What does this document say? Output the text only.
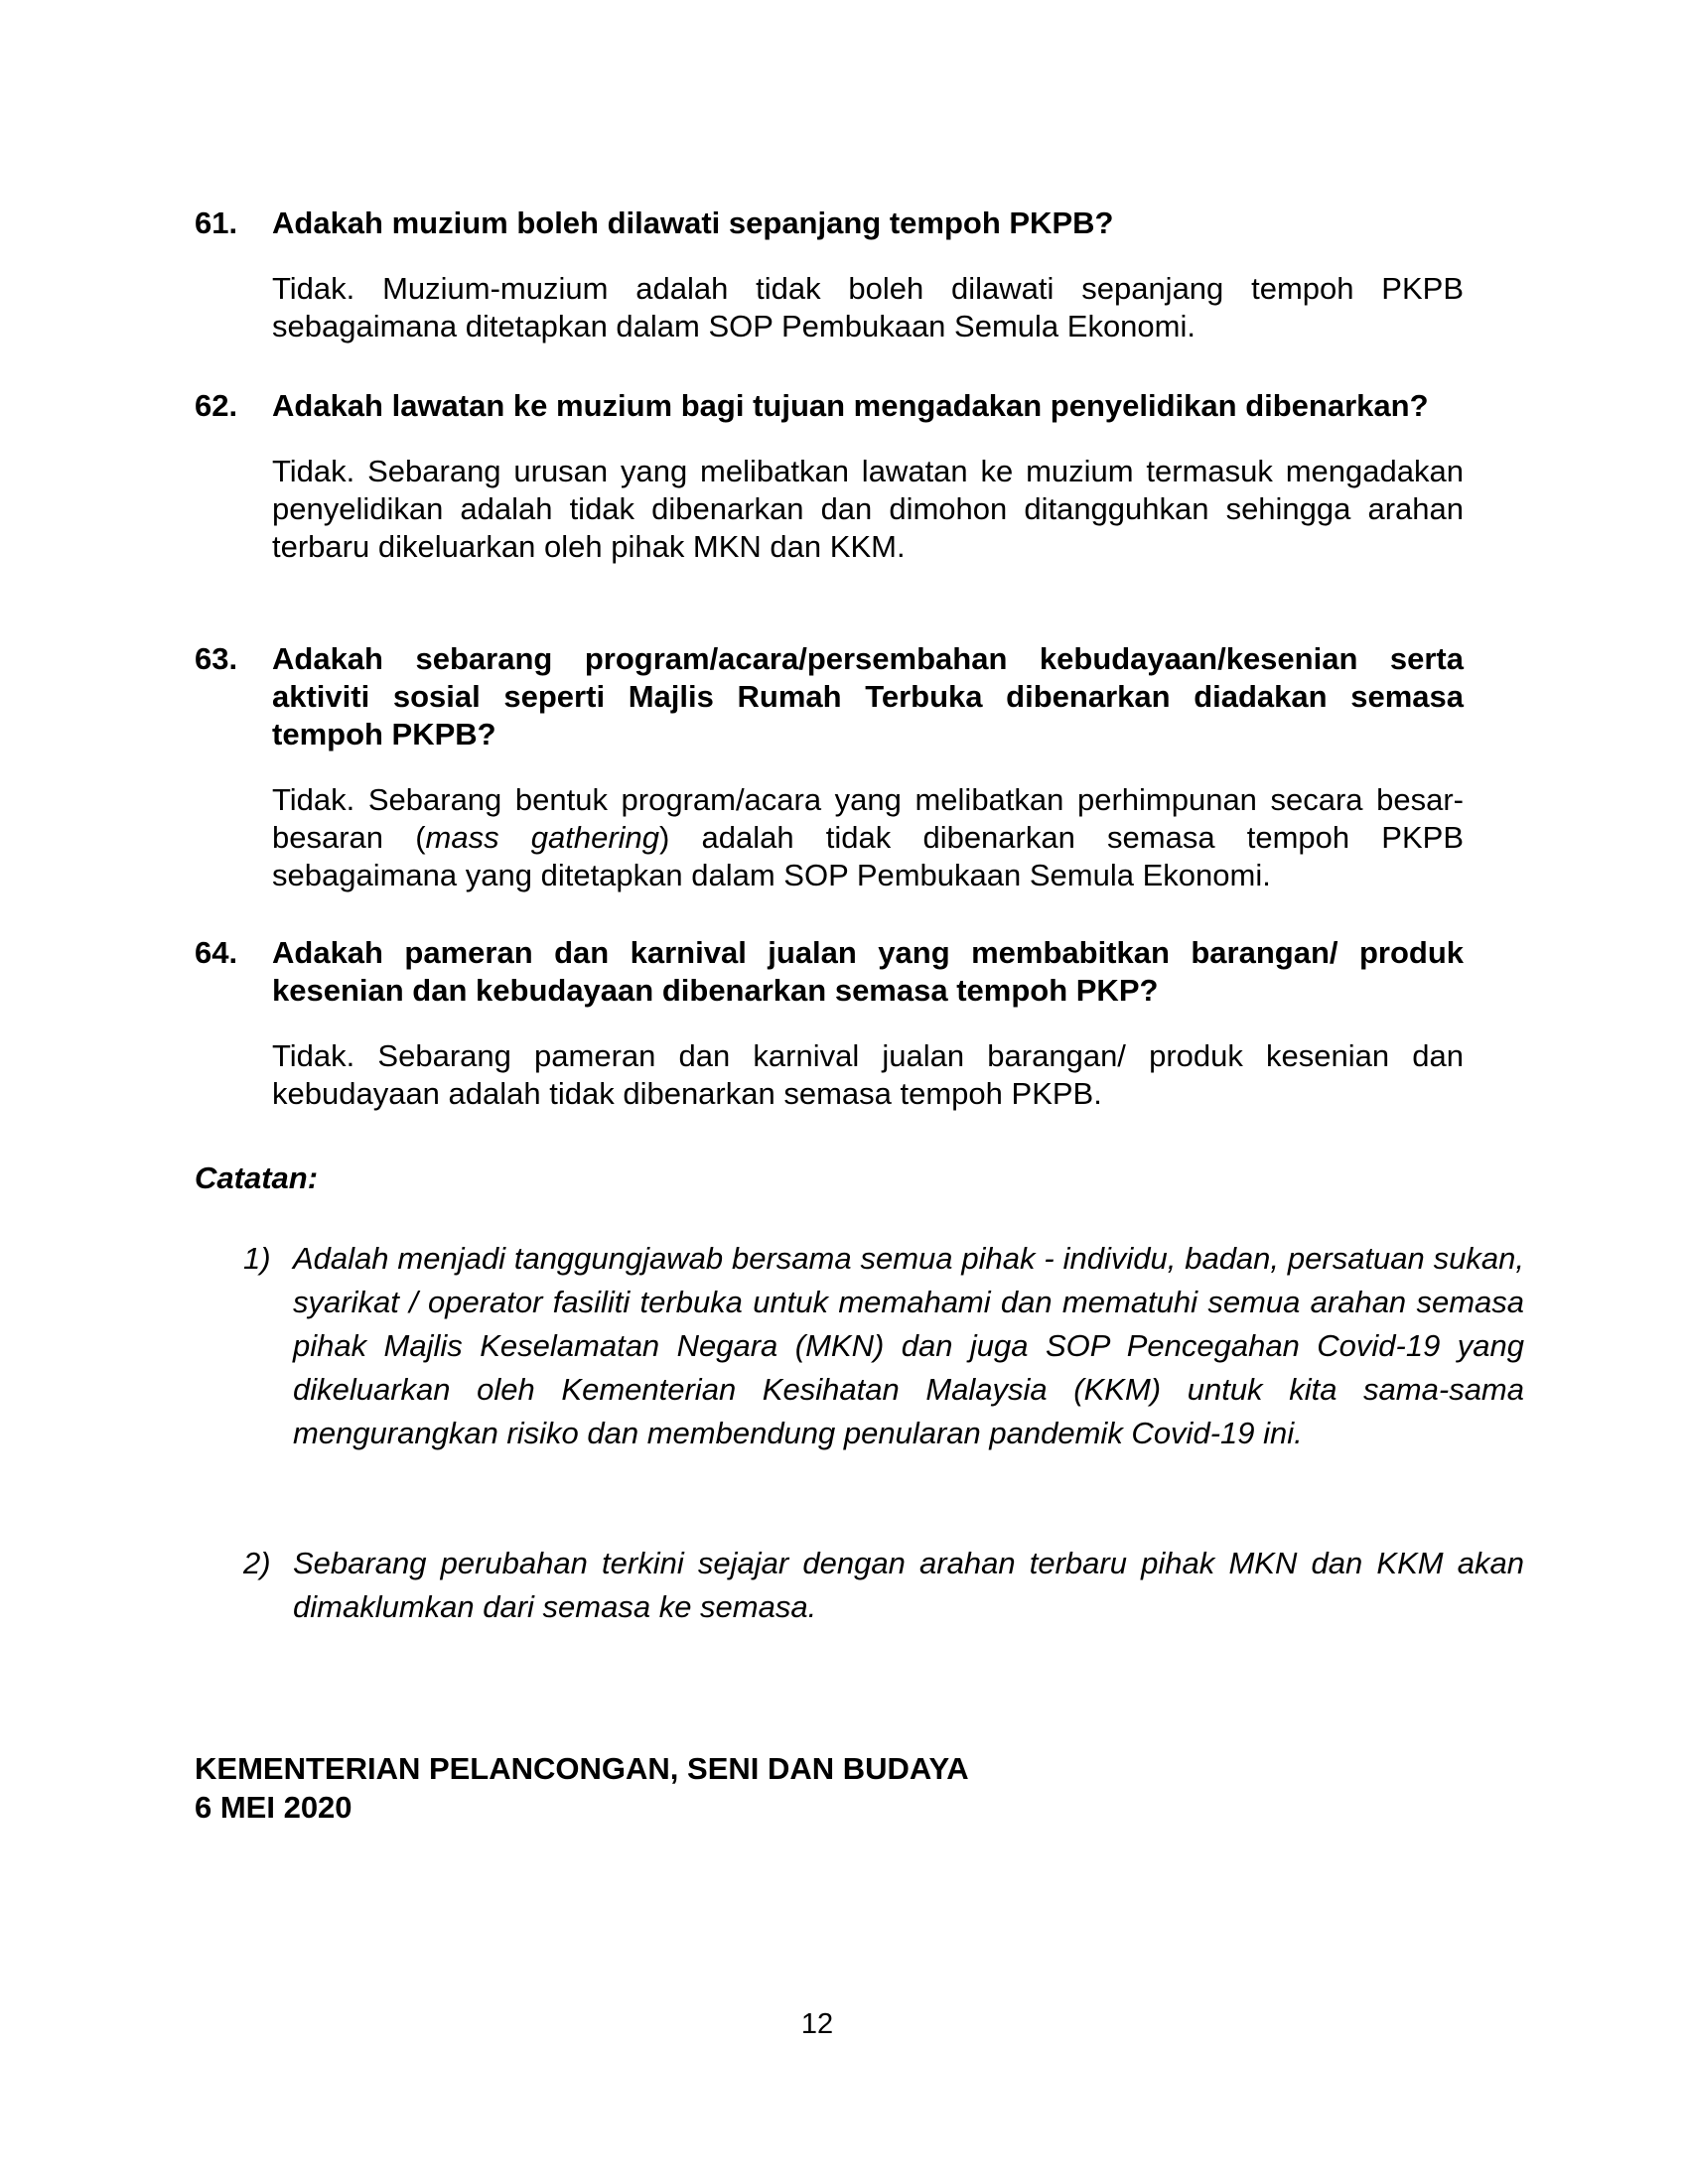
61. Adakah muzium boleh dilawati sepanjang tempoh PKPB?
Tidak. Muzium-muzium adalah tidak boleh dilawati sepanjang tempoh PKPB sebagaimana ditetapkan dalam SOP Pembukaan Semula Ekonomi.
62. Adakah lawatan ke muzium bagi tujuan mengadakan penyelidikan dibenarkan?
Tidak. Sebarang urusan yang melibatkan lawatan ke muzium termasuk mengadakan penyelidikan adalah tidak dibenarkan dan dimohon ditangguhkan sehingga arahan terbaru dikeluarkan oleh pihak MKN dan KKM.
63. Adakah sebarang program/acara/persembahan kebudayaan/kesenian serta aktiviti sosial seperti Majlis Rumah Terbuka dibenarkan diadakan semasa tempoh PKPB?
Tidak. Sebarang bentuk program/acara yang melibatkan perhimpunan secara besar-besaran (mass gathering) adalah tidak dibenarkan semasa tempoh PKPB sebagaimana yang ditetapkan dalam SOP Pembukaan Semula Ekonomi.
64. Adakah pameran dan karnival jualan yang membabitkan barangan/ produk kesenian dan kebudayaan dibenarkan semasa tempoh PKP?
Tidak. Sebarang pameran dan karnival jualan barangan/ produk kesenian dan kebudayaan adalah tidak dibenarkan semasa tempoh PKPB.
Catatan:
1) Adalah menjadi tanggungjawab bersama semua pihak - individu, badan, persatuan sukan, syarikat / operator fasiliti terbuka untuk memahami dan mematuhi semua arahan semasa pihak Majlis Keselamatan Negara (MKN) dan juga SOP Pencegahan Covid-19 yang dikeluarkan oleh Kementerian Kesihatan Malaysia (KKM) untuk kita sama-sama mengurangkan risiko dan membendung penularan pandemik Covid-19 ini.
2) Sebarang perubahan terkini sejajar dengan arahan terbaru pihak MKN dan KKM akan dimaklumkan dari semasa ke semasa.
KEMENTERIAN PELANCONGAN, SENI DAN BUDAYA
6 MEI 2020
12
